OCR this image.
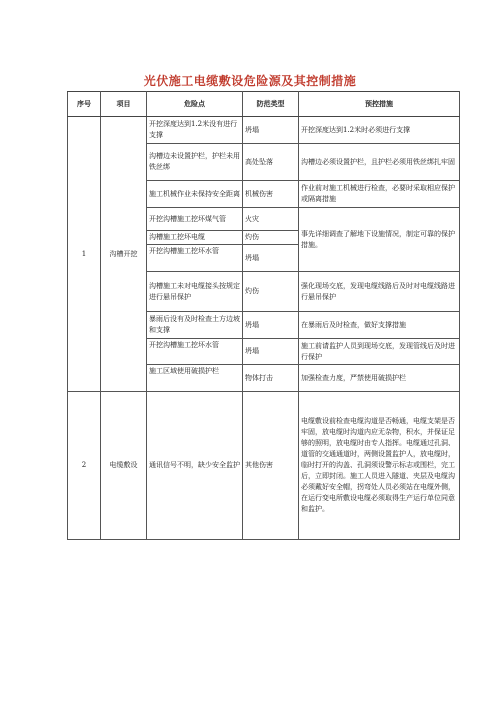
光伏施工电缆敷设危险源及其控制措施
序号	项目	危险点	防范类型	预控措施
1	沟槽开挖	开挖深度达到1.2米没有进行支撑	坍塌	开挖深度达到1.2米时必须进行支撑
		沟槽边未设置护栏，护栏未用铁丝绑	高处坠落	沟槽边必须设置护栏，且护栏必须用铁丝绑扎牢固
		施工机械作业未保持安全距离	机械伤害	作业前对施工机械进行检查，必要时采取相应保护或隔离措施
		开挖沟槽施工挖坏煤气管	火灾	事先详细调查了解地下设施情况，制定可靠的保护措施。
		沟槽施工挖坏电缆	灼伤	
		开挖沟槽施工挖坏水管	坍塌	
		沟槽施工未对电缆接头按规定进行悬吊保护	灼伤	强化现场交底，发现电缆线路后及时对电缆线路进行悬吊保护
		暴雨后没有及时检查土方边坡和支撑	坍塌	在暴雨后及时检查，做好支撑措施
		开挖沟槽施工挖坏水管	坍塌	施工前请监护人员到现场交底，发现管线后及时进行保护
		施工区域使用破损护栏	物体打击	加强检查力度，严禁使用破损护栏
2	电缆敷设	通讯信号不明，缺少安全监护	其他伤害	电缆敷设前检查电缆沟道是否畅通，电缆支架是否牢固，放电缆时沟道内应无杂物，积水，并保证足够的照明，放电缆时由专人指挥。电缆通过孔洞、道管的交通通道时，两侧设置监护人，放电缆时，临时打开的沟盖、孔洞须设警示标志或围栏，完工后，立即封闭。施工人员进入隧道、夹层及电缆沟必须戴好安全帽，拐弯处人员必须站在电缆外侧，在运行变电所敷设电缆必须取得生产运行单位同意和监护。
